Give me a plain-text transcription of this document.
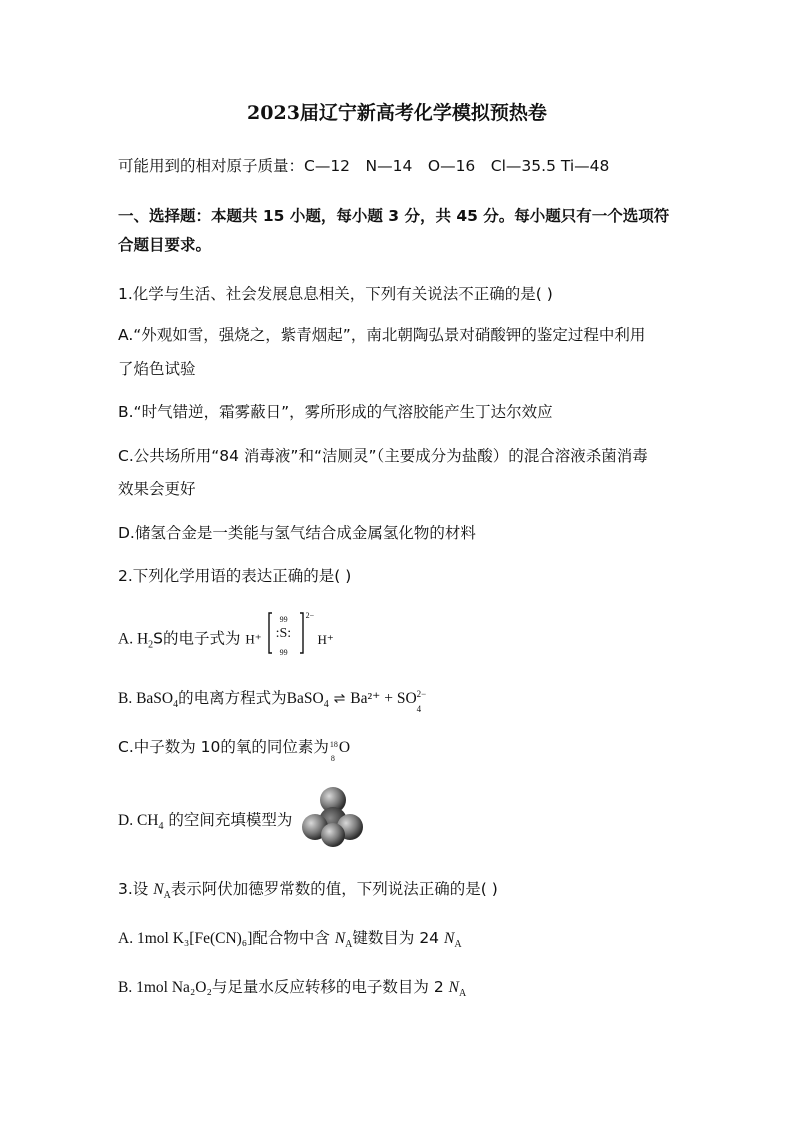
2023届辽宁新高考化学模拟预热卷
可能用到的相对原子质量：C—12　N—14　O—16　Cl—35.5 Ti—48
一、选择题：本题共 15 小题，每小题 3 分，共 45 分。每小题只有一个选项符
合题目要求。
1.化学与生活、社会发展息息相关，下列有关说法不正确的是( )
A.“外观如雪，强烧之，紫青烟起”，南北朝陶弘景对硝酸钾的鉴定过程中利用
了焰色试验
B.“时气错逆，霜雾蔽日”，雾所形成的气溶胶能产生丁达尔效应
C.公共场所用“84 消毒液”和“洁厕灵”（主要成分为盐酸）的混合溶液杀菌消毒
效果会更好
D.储氢合金是一类能与氢气结合成金属氢化物的材料
2.下列化学用语的表达正确的是( )
A. $H_2S$的电子式为 H⁺
99
:S:
99
2−
H⁺
B. BaSO$_4$的电离方程式为BaSO$_4$ ⇌ Ba²⁺ + SO 2−
4
C.中子数为 10的氧的同位素为 18
8
O
D. $CH_4$ 的空间充填模型为
3.设 $N_A$表示阿伏加德罗常数的值，下列说法正确的是( )
A. 1mol K₃[Fe(CN)₆]配合物中含 $N_A$键数目为 24 $N_A$
B. 1mol Na₂O₂与足量水反应转移的电子数目为 2 $N_A$
